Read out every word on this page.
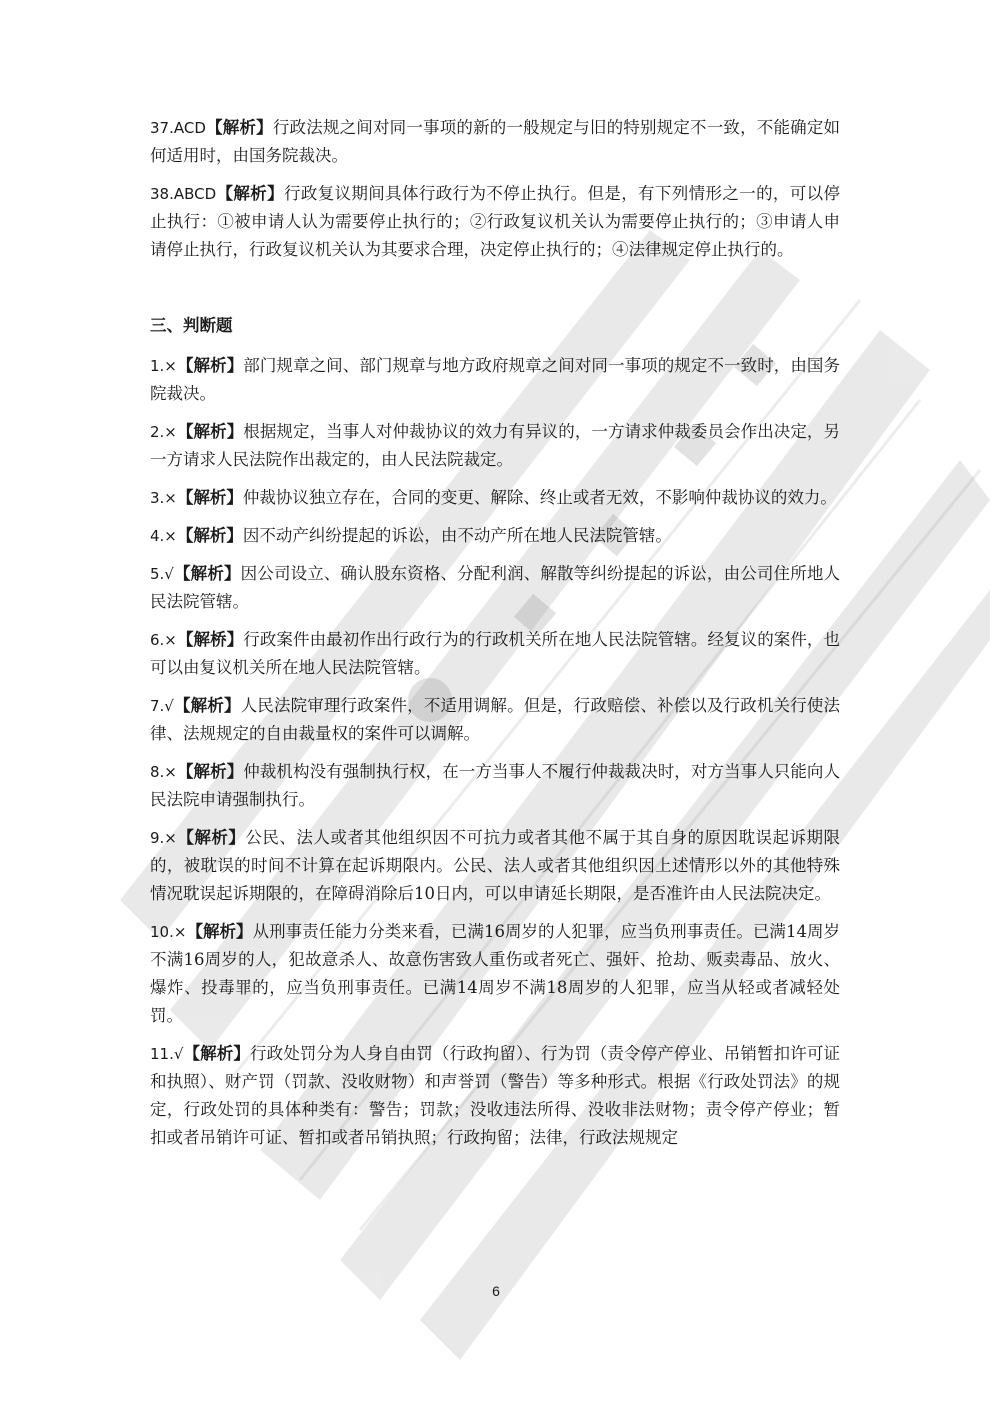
37.ACD【解析】行政法规之间对同一事项的新的一般规定与旧的特别规定不一致，不能确定如何适用时，由国务院裁决。

38.ABCD【解析】行政复议期间具体行政行为不停止执行。但是，有下列情形之一的，可以停止执行：①被申请人认为需要停止执行的；②行政复议机关认为需要停止执行的；③申请人申请停止执行，行政复议机关认为其要求合理，决定停止执行的；④法律规定停止执行的。

三、判断题

1.×【解析】部门规章之间、部门规章与地方政府规章之间对同一事项的规定不一致时，由国务院裁决。

2.×【解析】根据规定，当事人对仲裁协议的效力有异议的，一方请求仲裁委员会作出决定，另一方请求人民法院作出裁定的，由人民法院裁定。

3.×【解析】仲裁协议独立存在，合同的变更、解除、终止或者无效，不影响仲裁协议的效力。

4.×【解析】因不动产纠纷提起的诉讼，由不动产所在地人民法院管辖。

5.√【解析】因公司设立、确认股东资格、分配利润、解散等纠纷提起的诉讼，由公司住所地人民法院管辖。

6.×【解桥】行政案件由最初作出行政行为的行政机关所在地人民法院管辖。经复议的案件，也可以由复议机关所在地人民法院管辖。

7.√【解析】人民法院审理行政案件，不适用调解。但是，行政赔偿、补偿以及行政机关行使法律、法规规定的自由裁量权的案件可以调解。

8.×【解析】仲裁机构没有强制执行权，在一方当事人不履行仲裁裁决时，对方当事人只能向人民法院申请强制执行。

9.×【解析】公民、法人或者其他组织因不可抗力或者其他不属于其自身的原因耽误起诉期限的，被耽误的时间不计算在起诉期限内。公民、法人或者其他组织因上述情形以外的其他特殊情况耽误起诉期限的，在障碍消除后10日内，可以申请延长期限，是否准许由人民法院决定。

10.×【解析】从刑事责任能力分类来看，已满16周岁的人犯罪，应当负刑事责任。已满14周岁不满16周岁的人，犯故意杀人、故意伤害致人重伤或者死亡、强奸、抢劫、贩卖毒品、放火、爆炸、投毒罪的，应当负刑事责任。已满14周岁不满18周岁的人犯罪，应当从轻或者减轻处罚。

11.√【解析】行政处罚分为人身自由罚（行政拘留）、行为罚（责令停产停业、吊销暂扣许可证和执照）、财产罚（罚款、没收财物）和声誉罚（警告）等多种形式。根据《行政处罚法》的规定，行政处罚的具体种类有：警告；罚款；没收违法所得、没收非法财物；责令停产停业；暂扣或者吊销许可证、暂扣或者吊销执照；行政拘留；法律，行政法规规定

6
